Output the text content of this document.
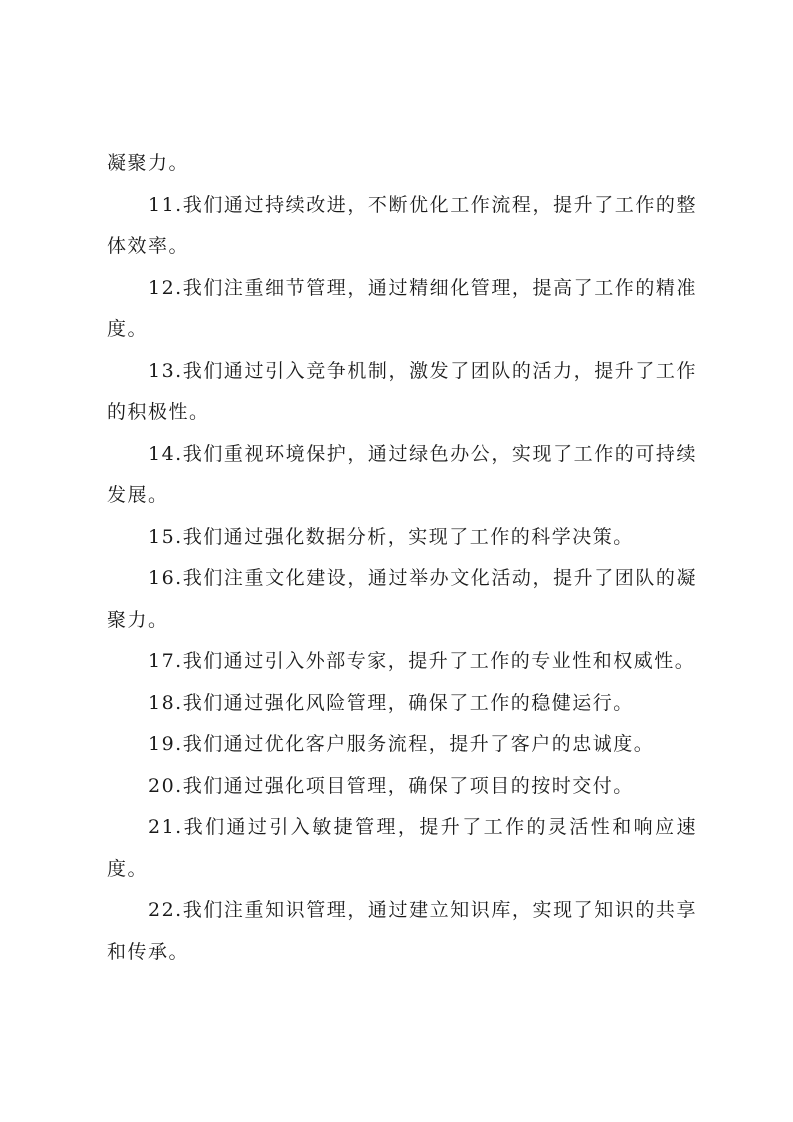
凝聚力。

11.我们通过持续改进，不断优化工作流程，提升了工作的整体效率。

12.我们注重细节管理，通过精细化管理，提高了工作的精准度。

13.我们通过引入竞争机制，激发了团队的活力，提升了工作的积极性。

14.我们重视环境保护，通过绿色办公，实现了工作的可持续发展。

15.我们通过强化数据分析，实现了工作的科学决策。

16.我们注重文化建设，通过举办文化活动，提升了团队的凝聚力。

17.我们通过引入外部专家，提升了工作的专业性和权威性。

18.我们通过强化风险管理，确保了工作的稳健运行。

19.我们通过优化客户服务流程，提升了客户的忠诚度。

20.我们通过强化项目管理，确保了项目的按时交付。

21.我们通过引入敏捷管理，提升了工作的灵活性和响应速度。

22.我们注重知识管理，通过建立知识库，实现了知识的共享和传承。
